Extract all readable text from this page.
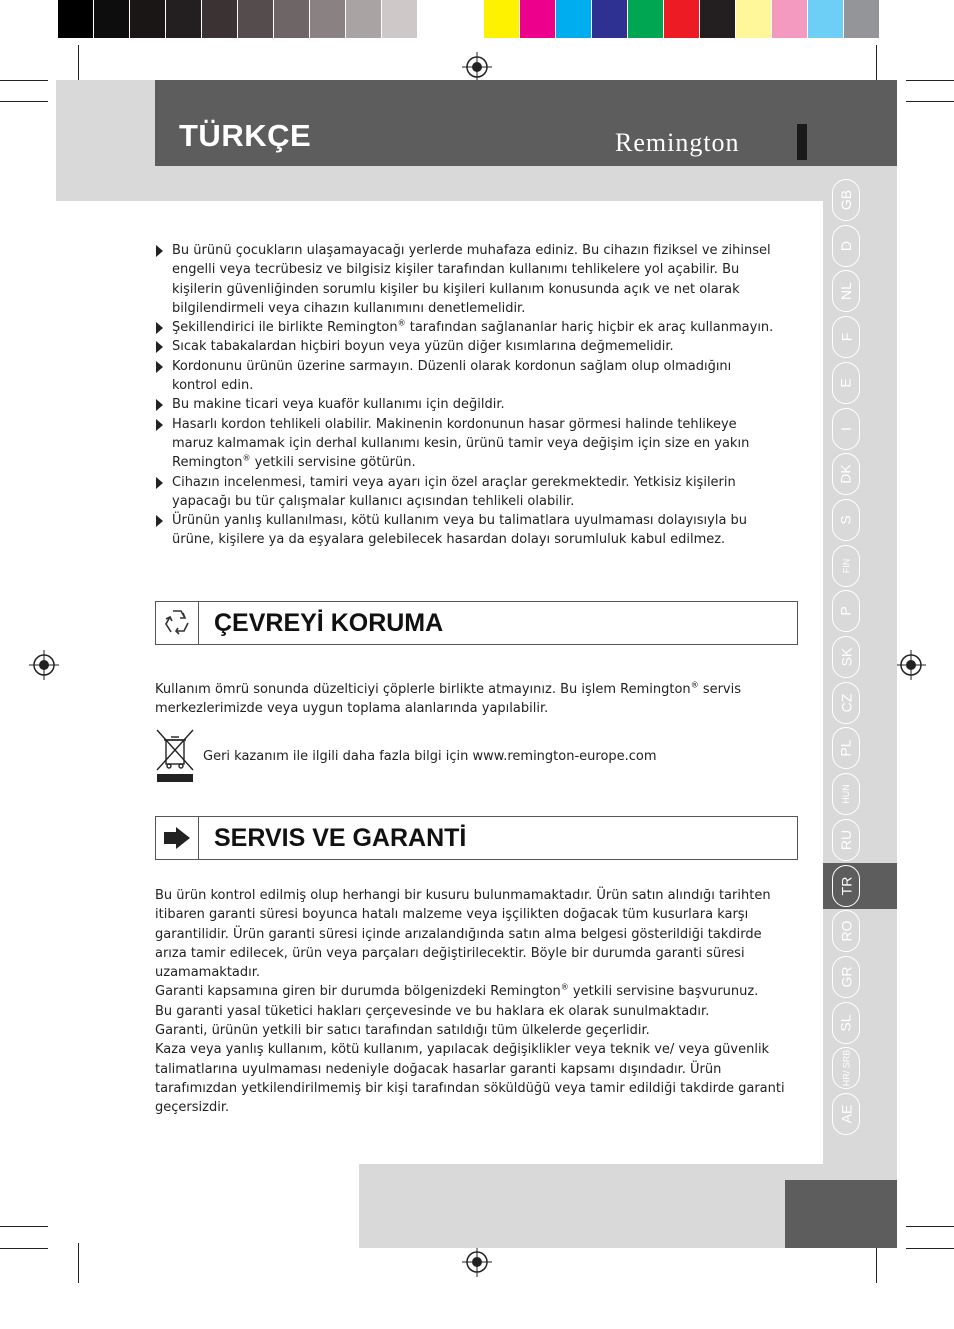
TÜRKÇE	Remington
GB
D
NL
F
E
I
DK
S
FIN
P
SK
CZ
PL
HUN
RU
TR
RO
GR
SL
HR/ SRB
AE
Bu ürünü çocukların ulaşamayacağı yerlerde muhafaza ediniz. Bu cihazın fiziksel ve zihinsel engelli veya tecrübesiz ve bilgisiz kişiler tarafından kullanımı tehlikelere yol açabilir. Bu kişilerin güvenliğinden sorumlu kişiler bu kişileri kullanım konusunda açık ve net olarak bilgilendirmeli veya cihazın kullanımını denetlemelidir.
Şekillendirici ile birlikte Remington® tarafından sağlananlar hariç hiçbir ek araç kullanmayın.
Sıcak tabakalardan hiçbiri boyun veya yüzün diğer kısımlarına değmemelidir.
Kordonunu ürünün üzerine sarmayın. Düzenli olarak kordonun sağlam olup olmadığını kontrol edin.
Bu makine ticari veya kuaför kullanımı için değildir.
Hasarlı kordon tehlikeli olabilir. Makinenin kordonunun hasar görmesi halinde tehlikeye maruz kalmamak için derhal kullanımı kesin, ürünü tamir veya değişim için size en yakın Remington® yetkili servisine götürün.
Cihazın incelenmesi, tamiri veya ayarı için özel araçlar gerekmektedir. Yetkisiz kişilerin yapacağı bu tür çalışmalar kullanıcı açısından tehlikeli olabilir.
Ürünün yanlış kullanılması, kötü kullanım veya bu talimatlara uyulmaması dolayısıyla bu ürüne, kişilere ya da eşyalara gelebilecek hasardan dolayı sorumluluk kabul edilmez.
ÇEVREYİ KORUMA

Kullanım ömrü sonunda düzelticiyi çöplerle birlikte atmayınız. Bu işlem Remington® servis merkezlerimizde veya uygun toplama alanlarında yapılabilir.

Geri kazanım ile ilgili daha fazla bilgi için www.remington-europe.com
SERVIS VE GARANTİ
Bu ürün kontrol edilmiş olup herhangi bir kusuru bulunmamaktadır. Ürün satın alındığı tarihten itibaren garanti süresi boyunca hatalı malzeme veya işçilikten doğacak tüm kusurlara karşı garantilidir. Ürün garanti süresi içinde arızalandığında satın alma belgesi gösterildiği takdirde arıza tamir edilecek, ürün veya parçaları değiştirilecektir. Böyle bir durumda garanti süresi uzamamaktadır.
Garanti kapsamına giren bir durumda bölgenizdeki Remington® yetkili servisine başvurunuz.
Bu garanti yasal tüketici hakları çerçevesinde ve bu haklara ek olarak sunulmaktadır.
Garanti, ürünün yetkili bir satıcı tarafından satıldığı tüm ülkelerde geçerlidir.
Kaza veya yanlış kullanım, kötü kullanım, yapılacak değişiklikler veya teknik ve/ veya güvenlik talimatlarına uyulmaması nedeniyle doğacak hasarlar garanti kapsamı dışındadır. Ürün tarafımızdan yetkilendirilmemiş bir kişi tarafından söküldüğü veya tamir edildiği takdirde garanti geçersizdir.
